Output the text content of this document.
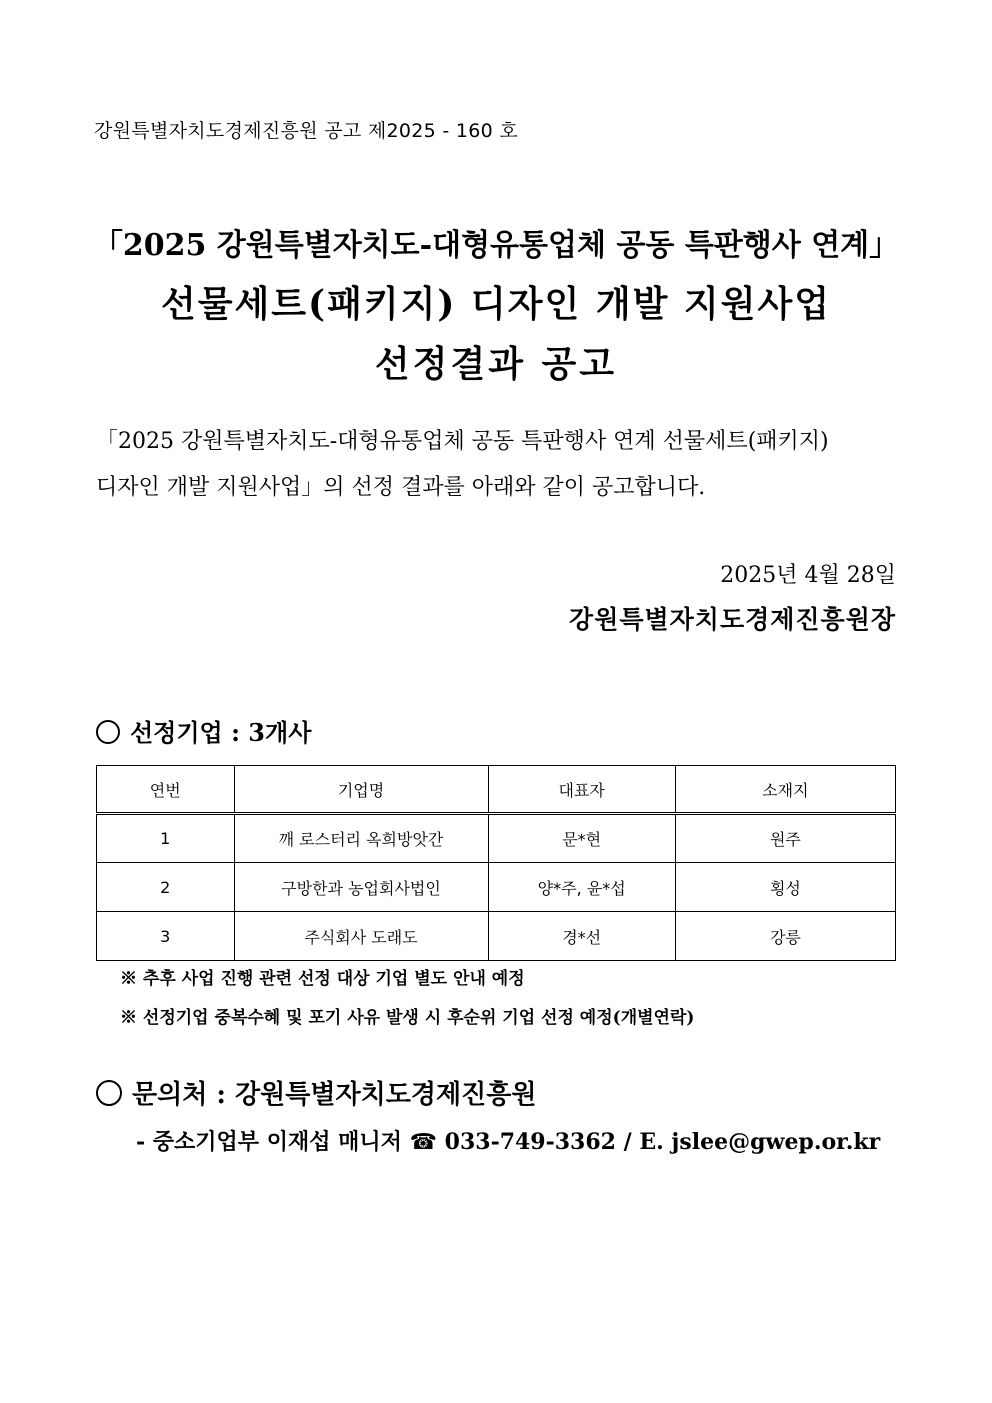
강원특별자치도경제진흥원 공고 제2025 - 160 호
「2025 강원특별자치도-대형유통업체 공동 특판행사 연계」
선물세트(패키지) 디자인 개발 지원사업
선정결과 공고
「2025 강원특별자치도-대형유통업체 공동 특판행사 연계 선물세트(패키지)
디자인 개발 지원사업」의 선정 결과를 아래와 같이 공고합니다.
2025년 4월 28일
강원특별자치도경제진흥원장
선정기업 : 3개사
연번	기업명	대표자	소재지
1	깨 로스터리 옥희방앗간	문*현	원주
2	구방한과 농업회사법인	양*주, 윤*섭	횡성
3	주식회사 도래도	경*선	강릉
※ 추후 사업 진행 관련 선정 대상 기업 별도 안내 예정
※ 선정기업 중복수혜 및 포기 사유 발생 시 후순위 기업 선정 예정(개별연락)
문의처 : 강원특별자치도경제진흥원
- 중소기업부 이재섭 매니저 ☎ 033-749-3362 / E. jslee@gwep.or.kr
